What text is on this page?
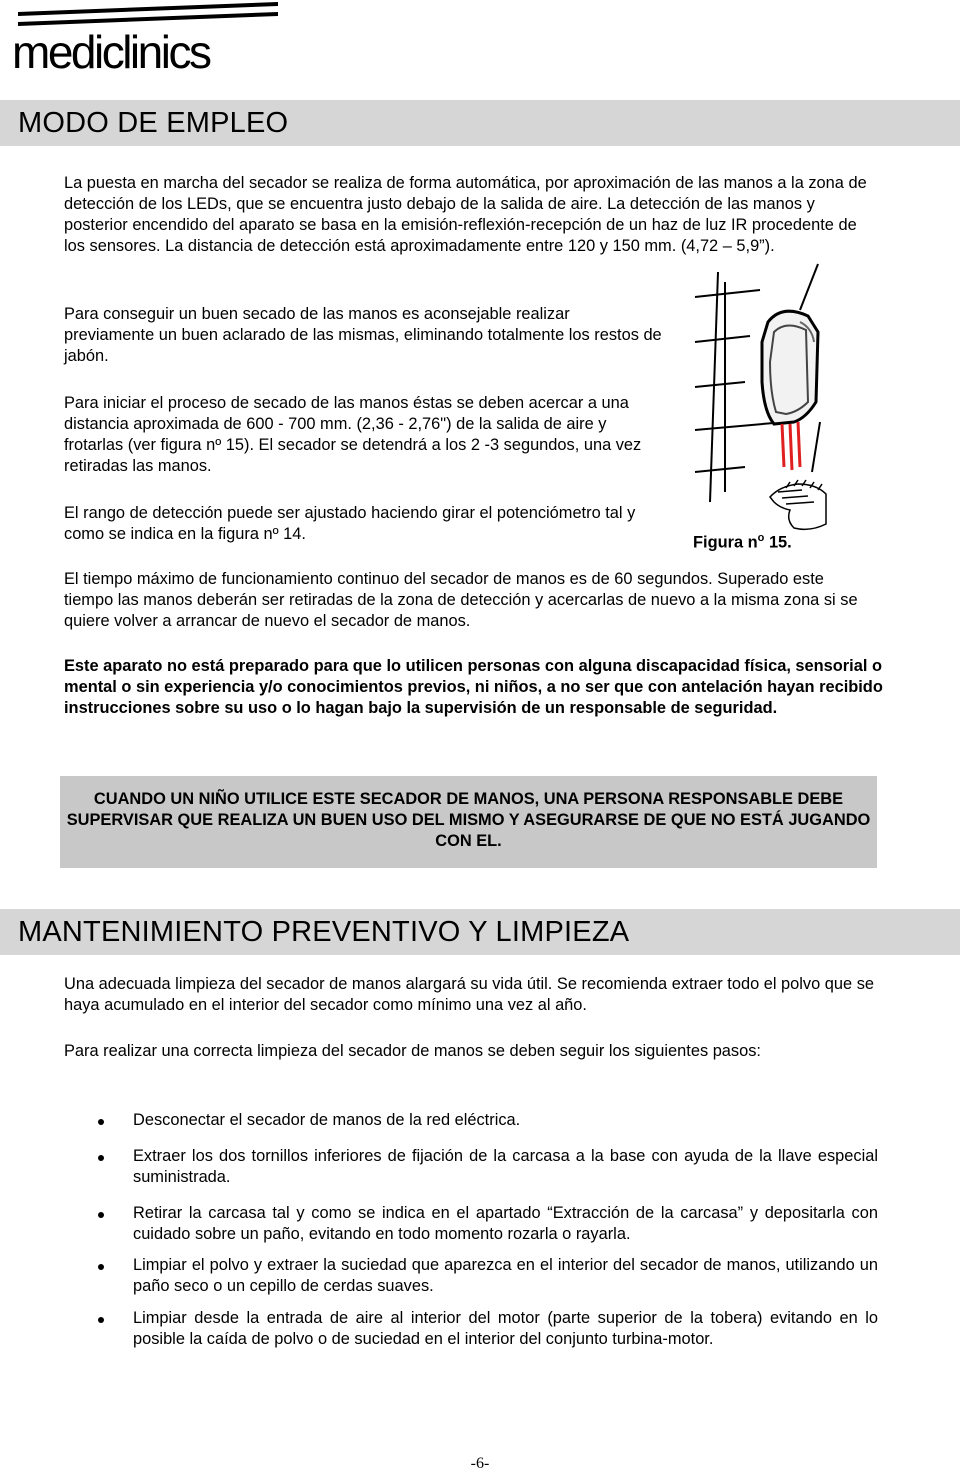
mediclinics
MODO DE EMPLEO

La puesta en marcha del secador se realiza de forma automática, por aproximación de las manos a la zona de detección de los LEDs, que se encuentra justo debajo de la salida de aire. La detección de las manos y posterior encendido del aparato se basa en la emisión-reflexión-recepción de un haz de luz IR procedente de los sensores. La distancia de detección está aproximadamente entre 120 y 150 mm. (4,72 – 5,9”).

Para conseguir un buen secado de las manos es aconsejable realizar previamente un buen aclarado de las mismas, eliminando totalmente los restos de jabón.

Para iniciar el proceso de secado de las manos éstas se deben acercar a una distancia aproximada de 600 - 700 mm. (2,36 - 2,76") de la salida de aire y frotarlas (ver figura nº 15). El secador se detendrá a los 2 -3 segundos, una vez retiradas las manos.

El rango de detección puede ser ajustado haciendo girar el potenciómetro tal y como se indica en la figura nº 14.	Figura $n^o$ 15.

El tiempo máximo de funcionamiento continuo del secador de manos es de 60 segundos. Superado este tiempo las manos deberán ser retiradas de la zona de detección y acercarlas de nuevo a la misma zona si se quiere volver a arrancar de nuevo el secador de manos.

Este aparato no está preparado para que lo utilicen personas con alguna discapacidad física, sensorial o mental o sin experiencia y/o conocimientos previos, ni niños, a no ser que con antelación hayan recibido instrucciones sobre su uso o lo hagan bajo la supervisión de un responsable de seguridad.

CUANDO UN NIÑO UTILICE ESTE SECADOR DE MANOS, UNA PERSONA RESPONSABLE DEBE SUPERVISAR QUE REALIZA UN BUEN USO DEL MISMO Y ASEGURARSE DE QUE NO ESTÁ JUGANDO CON EL.
MANTENIMIENTO PREVENTIVO Y LIMPIEZA

Una adecuada limpieza del secador de manos alargará su vida útil. Se recomienda extraer todo el polvo que se haya acumulado en el interior del secador como mínimo una vez al año.

Para realizar una correcta limpieza del secador de manos se deben seguir los siguientes pasos:

Desconectar el secador de manos de la red eléctrica.
Extraer los dos tornillos inferiores de fijación de la carcasa a la base con ayuda de la llave especial suministrada.
Retirar la carcasa tal y como se indica en el apartado “Extracción de la carcasa” y depositarla con cuidado sobre un paño, evitando en todo momento rozarla o rayarla.
Limpiar el polvo y extraer la suciedad que aparezca en el interior del secador de manos, utilizando un paño seco o un cepillo de cerdas suaves.
Limpiar desde la entrada de aire al interior del motor (parte superior de la tobera) evitando en lo posible la caída de polvo o de suciedad en el interior del conjunto turbina-motor.
-6-
